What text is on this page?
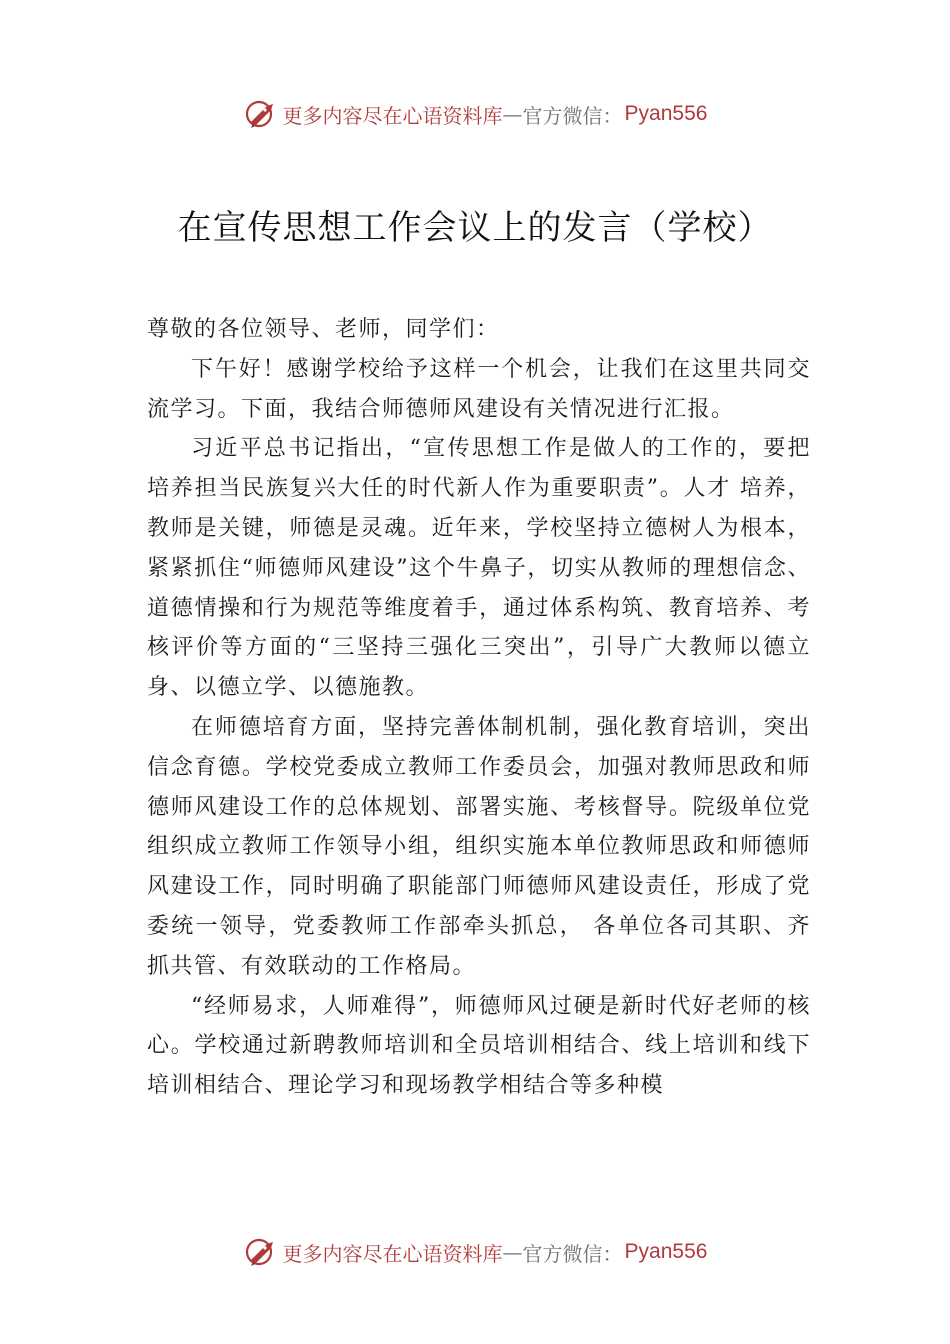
更多内容尽在心语资料库 — 官方微信： Pyan556
在宣传思想工作会议上的发言（学校）

尊敬的各位领导、老师，同学们：

下午好！感谢学校给予这样一个机会，让我们在这里共同交流学习。下面，我结合师德师风建设有关情况进行汇报。

习近平总书记指出，“宣传思想工作是做人的工作的，要把培养担当民族复兴大任的时代新人作为重要职责”。人才 培养，教师是关键，师德是灵魂。近年来，学校坚持立德树人为根本，紧紧抓住“师德师风建设”这个牛鼻子，切实从教师的理想信念、道德情操和行为规范等维度着手，通过体系构筑、教育培养、考核评价等方面的“三坚持三强化三突出”，引导广大教师以德立身、以德立学、以德施教。

在师德培育方面，坚持完善体制机制，强化教育培训，突出信念育德。学校党委成立教师工作委员会，加强对教师思政和师德师风建设工作的总体规划、部署实施、考核督导。院级单位党组织成立教师工作领导小组，组织实施本单位教师思政和师德师风建设工作，同时明确了职能部门师德师风建设责任，形成了党委统一领导，党委教师工作部牵头抓总， 各单位各司其职、齐抓共管、有效联动的工作格局。

“经师易求，人师难得”，师德师风过硬是新时代好老师的核心。学校通过新聘教师培训和全员培训相结合、线上培训和线下培训相结合、理论学习和现场教学相结合等多种模

更多内容尽在心语资料库 — 官方微信： Pyan556
